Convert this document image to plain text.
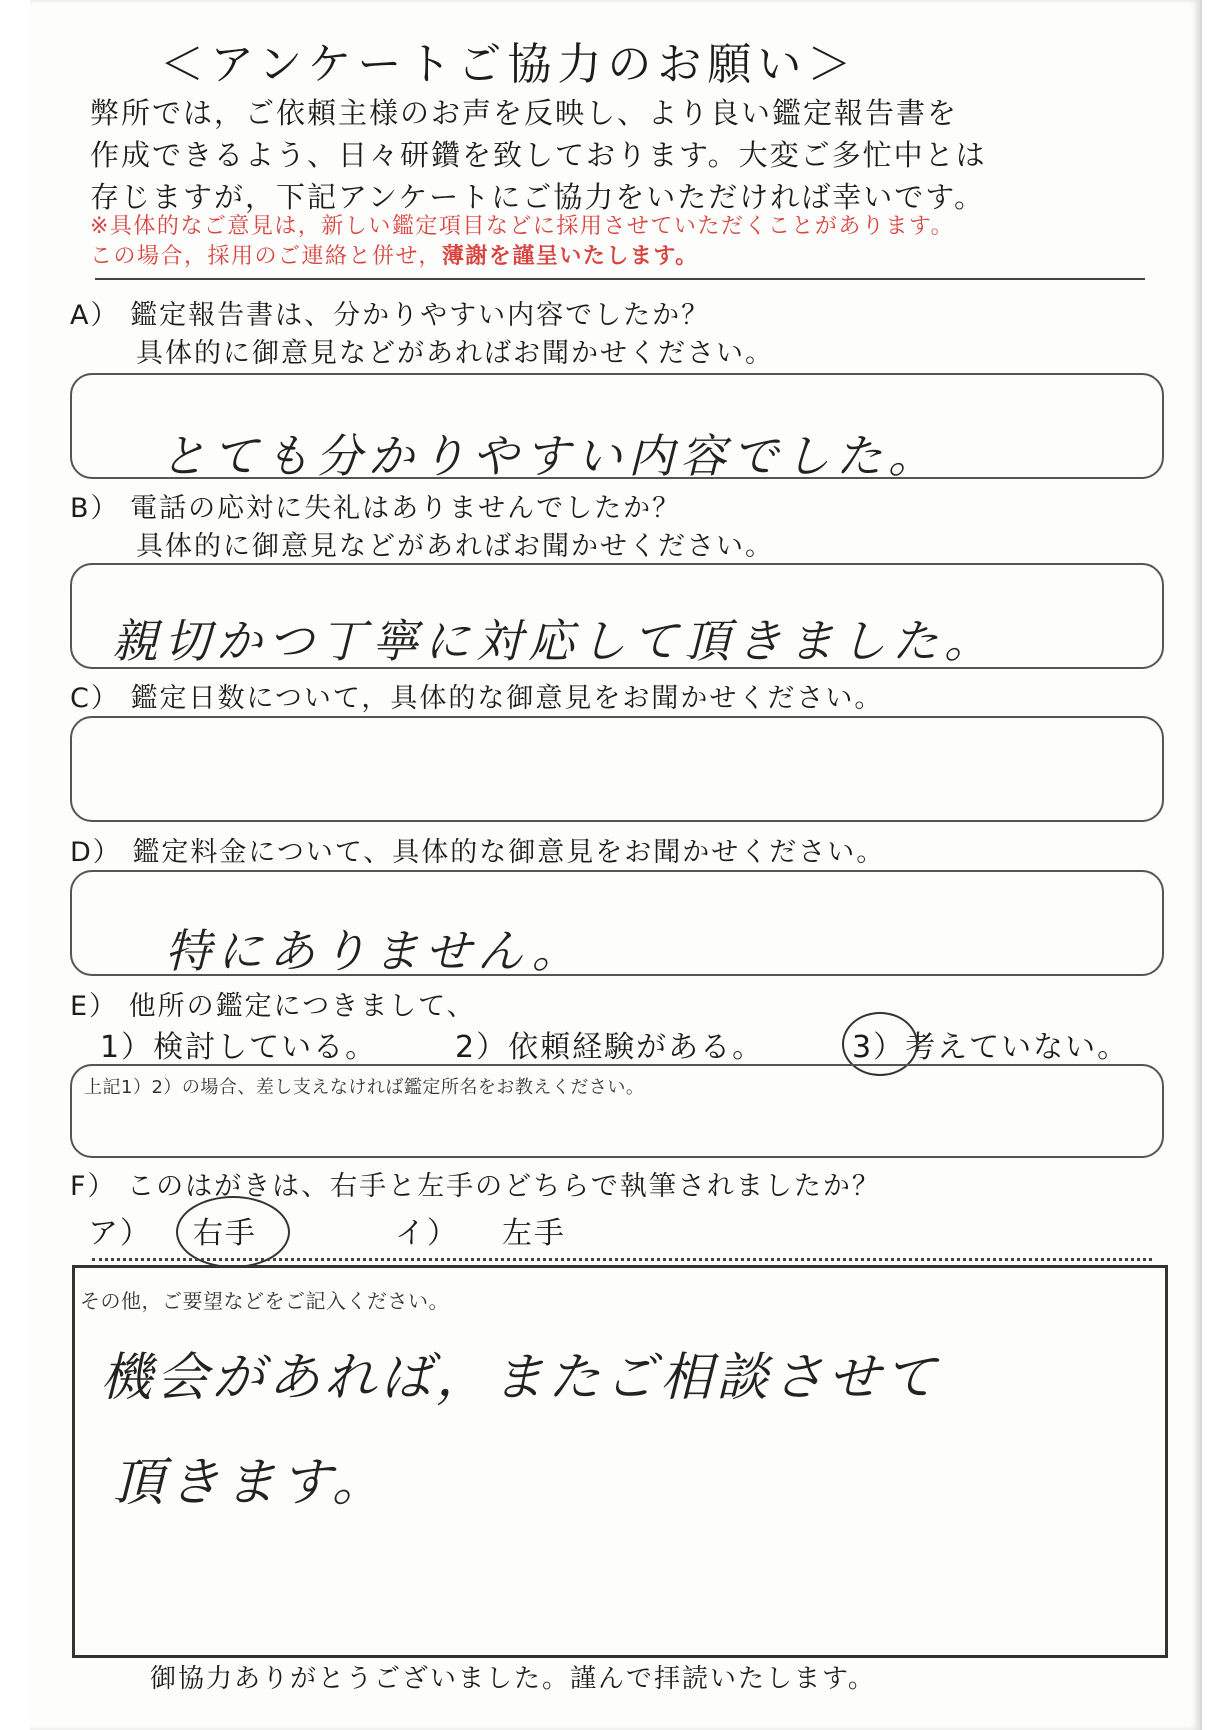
＜アンケートご協力のお願い＞

弊所では，ご依頼主様のお声を反映し、より良い鑑定報告書を

作成できるよう、日々研鑽を致しております。大変ご多忙中とは

存じますが，下記アンケートにご協力をいただければ幸いです。

※具体的なご意見は，新しい鑑定項目などに採用させていただくことがあります。

この場合，採用のご連絡と併せ，薄謝を謹呈いたします。

A） 鑑定報告書は、分かりやすい内容でしたか？

具体的に御意見などがあればお聞かせください。

とても分かりやすい内容でした。

B） 電話の応対に失礼はありませんでしたか？

具体的に御意見などがあればお聞かせください。

親切かつ丁寧に対応して頂きました。

C） 鑑定日数について，具体的な御意見をお聞かせください。

D） 鑑定料金について、具体的な御意見をお聞かせください。

特にありません。

E） 他所の鑑定につきまして、

1）検討している。	2）依頼経験がある。	3）考えていない。
上記1）2）の場合、差し支えなければ鑑定所名をお教えください。

F） このはがきは、右手と左手のどちらで執筆されましたか？

ア） 右手	イ） 左手
その他，ご要望などをご記入ください。
機会があれば，またご相談させて
頂きます。
御協力ありがとうございました。謹んで拝読いたします。
